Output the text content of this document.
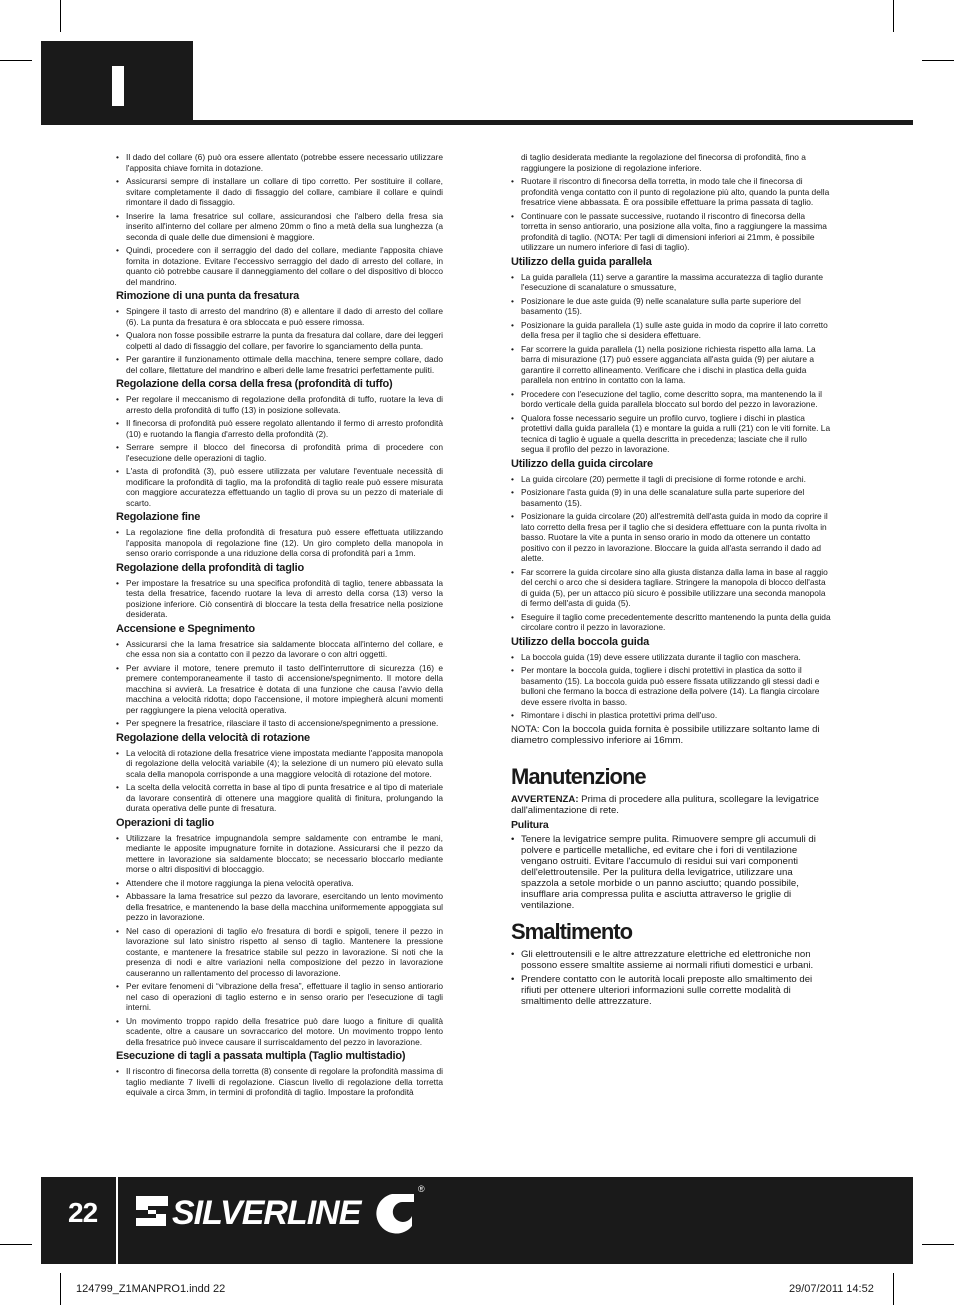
• Il dado del collare (6) può ora essere allentato (potrebbe essere necessario utilizzare l'apposita chiave fornita in dotazione.
• Assicurarsi sempre di installare un collare di tipo corretto. Per sostituire il collare, svitare completamente il dado di fissaggio del collare, cambiare il collare e quindi rimontare il dado di fissaggio.
• Inserire la lama fresatrice sul collare, assicurandosi che l'albero della fresa sia inserito all'interno del collare per almeno 20mm o fino a metà della sua lunghezza (a seconda di quale delle due dimensioni è maggiore.
• Quindi, procedere con il serraggio del dado del collare, mediante l'apposita chiave fornita in dotazione. Evitare l'eccessivo serraggio del dado di arresto del collare, in quanto ciò potrebbe causare il danneggiamento del collare o del dispositivo di blocco del mandrino.
Rimozione di una punta da fresatura
• Spingere il tasto di arresto del mandrino (8) e allentare il dado di arresto del collare (6). La punta da fresatura è ora sbloccata e può essere rimossa.
• Qualora non fosse possibile estrarre la punta da fresatura dal collare, dare dei leggeri colpetti al dado di fissaggio del collare, per favorire lo sganciamento della punta.
• Per garantire il funzionamento ottimale della macchina, tenere sempre collare, dado del collare, filettature del mandrino e alberi delle lame fresatrici perfettamente puliti.
Regolazione della corsa della fresa (profondità di tuffo)
• Per regolare il meccanismo di regolazione della profondità di tuffo, ruotare la leva di arresto della profondità di tuffo (13) in posizione sollevata.
• Il finecorsa di profondità può essere regolato allentando il fermo di arresto profondità (10) e ruotando la flangia d'arresto della profondità (2).
• Serrare sempre il blocco del finecorsa di profondità prima di procedere con l'esecuzione delle operazioni di taglio.
• L'asta di profondità (3), può essere utilizzata per valutare l'eventuale necessità di modificare la profondità di taglio, ma la profondità di taglio reale può essere misurata con maggiore accuratezza effettuando un taglio di prova su un pezzo di materiale di scarto.
Regolazione fine
• La regolazione fine della profondità di fresatura può essere effettuata utilizzando l'apposita manopola di regolazione fine (12). Un giro completo della manopola in senso orario corrisponde a una riduzione della corsa di profondità pari a 1mm.
Regolazione della profondità di taglio
• Per impostare la fresatrice su una specifica profondità di taglio, tenere abbassata la testa della fresatrice, facendo ruotare la leva di arresto della corsa (13) verso la posizione inferiore. Ciò consentirà di bloccare la testa della fresatrice nella posizione desiderata.
Accensione e Spegnimento
• Assicurarsi che la lama fresatrice sia saldamente bloccata all'interno del collare, e che essa non sia a contatto con il pezzo da lavorare o con altri oggetti.
• Per avviare il motore, tenere premuto il tasto dell'interruttore di sicurezza (16) e premere contemporaneamente il tasto di accensione/spegnimento. Il motore della macchina si avvierà. La fresatrice è dotata di una funzione che causa l'avvio della macchina a velocità ridotta; dopo l'accensione, il motore impiegherà alcuni momenti per raggiungere la piena velocità operativa.
• Per spegnere la fresatrice, rilasciare il tasto di accensione/spegnimento a pressione.
Regolazione della velocità di rotazione
• La velocità di rotazione della fresatrice viene impostata mediante l'apposita manopola di regolazione della velocità variabile (4); la selezione di un numero più elevato sulla scala della manopola corrisponde a una maggiore velocità di rotazione del motore.
• La scelta della velocità corretta in base al tipo di punta fresatrice e al tipo di materiale da lavorare consentirà di ottenere una maggiore qualità di finitura, prolungando la durata operativa delle punte di fresatura.
Operazioni di taglio
• Utilizzare la fresatrice impugnandola sempre saldamente con entrambe le mani, mediante le apposite impugnature fornite in dotazione. Assicurarsi che il pezzo da mettere in lavorazione sia saldamente bloccato; se necessario bloccarlo mediante morse o altri dispositivi di bloccaggio.
• Attendere che il motore raggiunga la piena velocità operativa.
• Abbassare la lama fresatrice sul pezzo da lavorare, esercitando un lento movimento della fresatrice, e mantenendo la base della macchina uniformemente appoggiata sul pezzo in lavorazione.
• Nel caso di operazioni di taglio e/o fresatura di bordi e spigoli, tenere il pezzo in lavorazione sul lato sinistro rispetto al senso di taglio. Mantenere la pressione costante, e mantenere la fresatrice stabile sul pezzo in lavorazione. Si noti che la presenza di nodi e altre variazioni nella composizione del pezzo in lavorazione causeranno un rallentamento del processo di lavorazione.
• Per evitare fenomeni di “vibrazione della fresa”, effettuare il taglio in senso antiorario nel caso di operazioni di taglio esterno e in senso orario per l'esecuzione di tagli interni.
• Un movimento troppo rapido della fresatrice può dare luogo a finiture di qualità scadente, oltre a causare un sovraccarico del motore. Un movimento troppo lento della fresatrice può invece causare il surriscaldamento del pezzo in lavorazione.
Esecuzione di tagli a passata multipla (Taglio multistadio)
• Il riscontro di finecorsa della torretta (8) consente di regolare la profondità massima di taglio mediante 7 livelli di regolazione. Ciascun livello di regolazione della torretta equivale a circa 3mm, in termini di profondità di taglio. Impostare la profondità
di taglio desiderata mediante la regolazione del finecorsa di profondità, fino a raggiungere la posizione di regolazione inferiore.
• Ruotare il riscontro di finecorsa della torretta, in modo tale che il finecorsa di profondità venga contatto con il punto di regolazione più alto, quando la punta della fresatrice viene abbassata. È ora possibile effettuare la prima passata di taglio.
• Continuare con le passate successive, ruotando il riscontro di finecorsa della torretta in senso antiorario, una posizione alla volta, fino a raggiungere la massima profondità di taglio. (NOTA: Per tagli di dimensioni inferiori ai 21mm, è possibile utilizzare un numero inferiore di fasi di taglio).
Utilizzo della guida parallela
• La guida parallela (11) serve a garantire la massima accuratezza di taglio durante l'esecuzione di scanalature o smussature,
• Posizionare le due aste guida (9) nelle scanalature sulla parte superiore del basamento (15).
• Posizionare la guida parallela (1) sulle aste guida in modo da coprire il lato corretto della fresa per il taglio che si desidera effettuare.
• Far scorrere la guida parallela (1) nella posizione richiesta rispetto alla lama. La barra di misurazione (17) può essere agganciata all'asta guida (9) per aiutare a garantire il corretto allineamento. Verificare che i dischi in plastica della guida parallela non entrino in contatto con la lama.
• Procedere con l'esecuzione del taglio, come descritto sopra, ma mantenendo la il bordo verticale della guida parallela bloccato sul bordo del pezzo in lavorazione.
• Qualora fosse necessario seguire un profilo curvo, togliere i dischi in plastica protettivi dalla guida parallela (1) e montare la guida a rulli (21) con le viti fornite. La tecnica di taglio è uguale a quella descritta in precedenza; lasciate che il rullo segua il profilo del pezzo in lavorazione.
Utilizzo della guida circolare
• La guida circolare (20) permette il tagli di precisione di forme rotonde e archi.
• Posizionare l'asta guida (9) in una delle scanalature sulla parte superiore del basamento (15).
• Posizionare la guida circolare (20) all'estremità dell'asta guida in modo da coprire il lato corretto della fresa per il taglio che si desidera effettuare con la punta rivolta in basso. Ruotare la vite a punta in senso orario in modo da ottenere un contatto positivo con il pezzo in lavorazione. Bloccare la guida all'asta serrando il dado ad alette.
• Far scorrere la guida circolare sino alla giusta distanza dalla lama in base al raggio del cerchi o arco che si desidera tagliare. Stringere la manopola di blocco dell'asta di guida (5), per un attacco più sicuro è possibile utilizzare una seconda manopola di fermo dell'asta di guida (5).
• Eseguire il taglio come precedentemente descritto mantenendo la punta della guida circolare contro il pezzo in lavorazione.
Utilizzo della boccola guida
• La boccola guida (19) deve essere utilizzata durante il taglio con maschera.
• Per montare la boccola guida, togliere i dischi protettivi in plastica da sotto il basamento (15). La boccola guida può essere fissata utilizzando gli stessi dadi e bulloni che fermano la bocca di estrazione della polvere (14). La flangia circolare deve essere rivolta in basso.
• Rimontare i dischi in plastica protettivi prima dell'uso.

NOTA: Con la boccola guida fornita è possibile utilizzare soltanto lame di diametro complessivo inferiore ai 16mm.

Manutenzione

AVVERTENZA: Prima di procedere alla pulitura, scollegare la levigatrice dall'alimentazione di rete.

Pulitura
• Tenere la levigatrice sempre pulita. Rimuovere sempre gli accumuli di polvere e particelle metalliche, ed evitare che i fori di ventilazione vengano ostruiti. Evitare l'accumulo di residui sui vari componenti dell'elettroutensile. Per la pulitura della levigatrice, utilizzare una spazzola a setole morbide o un panno asciutto; quando possibile, insufflare aria compressa pulita e asciutta attraverso le griglie di ventilazione.
Smaltimento
• Gli elettroutensili e le altre attrezzature elettriche ed elettroniche non possono essere smaltite assieme ai normali rifiuti domestici e urbani.
• Prendere contatto con le autorità locali preposte allo smaltimento dei rifiuti per ottenere ulteriori informazioni sulle corrette modalità di smaltimento delle attrezzature.
22 SILVERLINE
®
124799_Z1MANPRO1.indd 22	29/07/2011 14:52
